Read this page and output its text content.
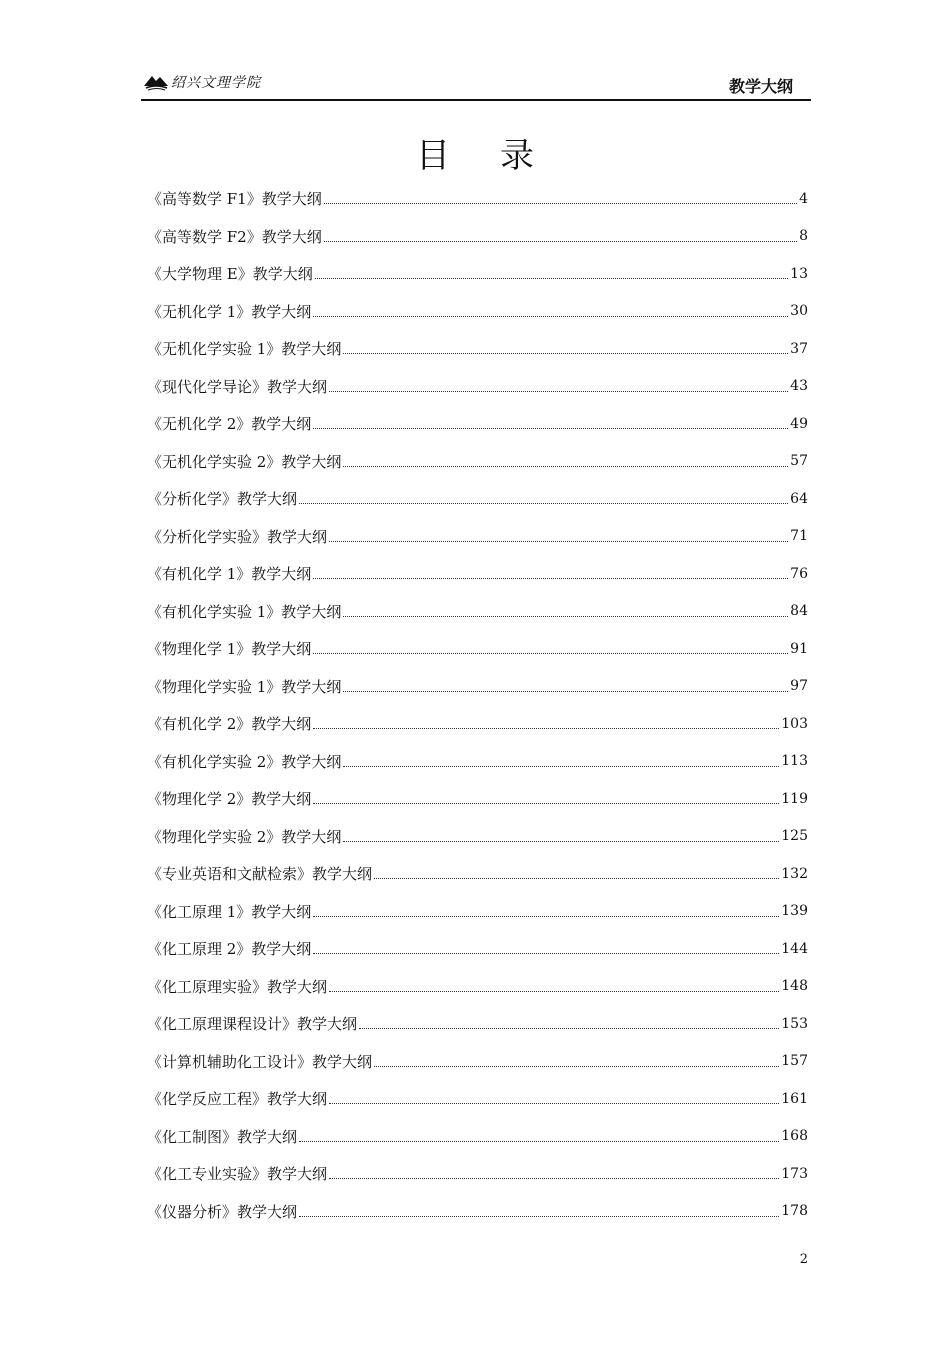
绍兴文理学院	教学大纲
目 录
《高等数学 F1》教学大纲	4
《高等数学 F2》教学大纲	8
《大学物理 E》教学大纲	13
《无机化学 1》教学大纲	30
《无机化学实验 1》教学大纲	37
《现代化学导论》教学大纲	43
《无机化学 2》教学大纲	49
《无机化学实验 2》教学大纲	57
《分析化学》教学大纲	64
《分析化学实验》教学大纲	71
《有机化学 1》教学大纲	76
《有机化学实验 1》教学大纲	84
《物理化学 1》教学大纲	91
《物理化学实验 1》教学大纲	97
《有机化学 2》教学大纲	103
《有机化学实验 2》教学大纲	113
《物理化学 2》教学大纲	119
《物理化学实验 2》教学大纲	125
《专业英语和文献检索》教学大纲	132
《化工原理 1》教学大纲	139
《化工原理 2》教学大纲	144
《化工原理实验》教学大纲	148
《化工原理课程设计》教学大纲	153
《计算机辅助化工设计》教学大纲	157
《化学反应工程》教学大纲	161
《化工制图》教学大纲	168
《化工专业实验》教学大纲	173
《仪器分析》教学大纲	178
2
